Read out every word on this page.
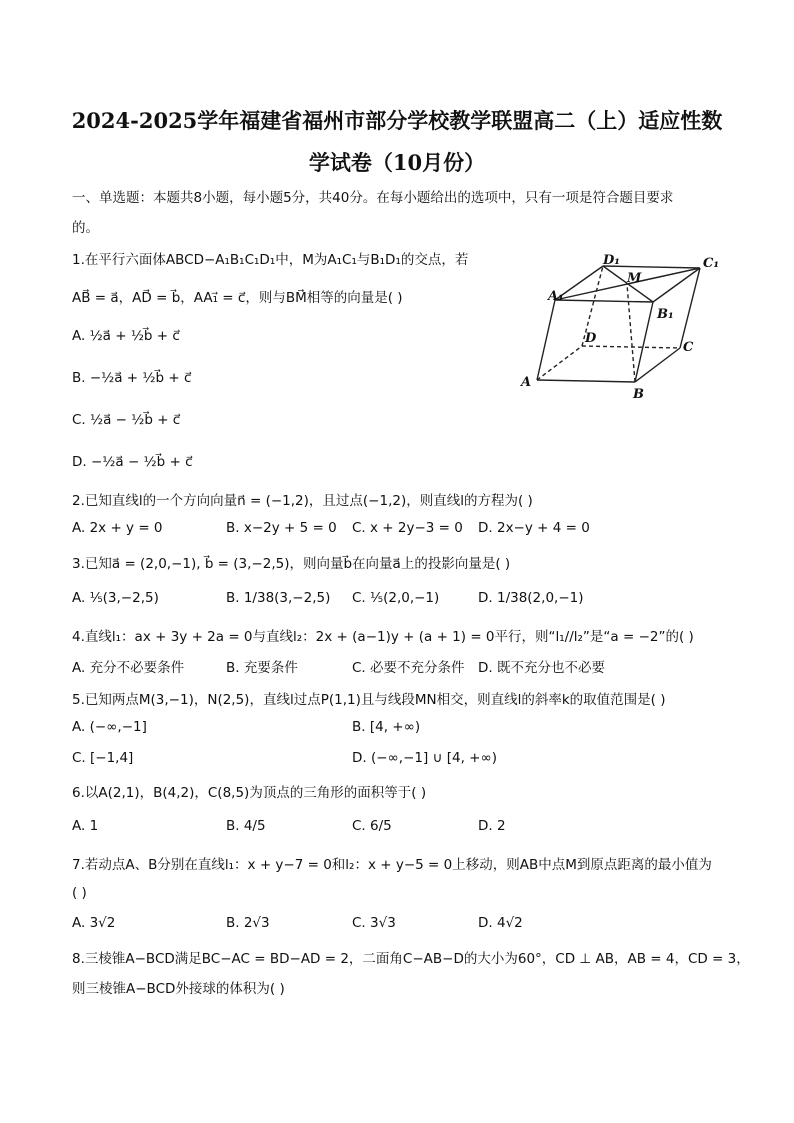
2024-2025学年福建省福州市部分学校教学联盟高二（上）适应性数
学试卷（10月份）
一、单选题：本题共8小题，每小题5分，共40分。在每小题给出的选项中，只有一项是符合题目要求
的。
1.在平行六面体ABCD−A₁B₁C₁D₁中，M为A₁C₁与B₁D₁的交点，若
AB⃗ = a⃗，AD⃗ = b⃗，AA₁⃗ = c⃗，则与BM⃗相等的向量是( )
A. ½a⃗ + ½b⃗ + c⃗
B. −½a⃗ + ½b⃗ + c⃗
C. ½a⃗ − ½b⃗ + c⃗
D. −½a⃗ − ½b⃗ + c⃗
A
B
C
D
A₁
B₁
C₁
D₁
M
2.已知直线l的一个方向向量n⃗ = (−1,2)，且过点(−1,2)，则直线l的方程为( )
A. 2x + y = 0	B. x−2y + 5 = 0 C. x + 2y−3 = 0 D. 2x−y + 4 = 0
3.已知a⃗ = (2,0,−1), b⃗ = (3,−2,5)，则向量b⃗在向量a⃗上的投影向量是( )
A. ⅕(3,−2,5)	B. 1/38(3,−2,5) C. ⅕(2,0,−1)	D. 1/38(2,0,−1)
4.直线l₁：ax + 3y + 2a = 0与直线l₂：2x + (a−1)y + (a + 1) = 0平行，则“l₁//l₂”是“a = −2”的( )
A. 充分不必要条件	B. 充要条件	C. 必要不充分条件 D. 既不充分也不必要
5.已知两点M(3,−1)，N(2,5)，直线l过点P(1,1)且与线段MN相交，则直线l的斜率k的取值范围是( )
A. (−∞,−1]	B. [4, +∞)
C. [−1,4]	D. (−∞,−1] ∪ [4, +∞)
6.以A(2,1)，B(4,2)，C(8,5)为顶点的三角形的面积等于( )
A. 1	B. 4/5	C. 6/5	D. 2
7.若动点A、B分别在直线l₁：x + y−7 = 0和l₂：x + y−5 = 0上移动，则AB中点M到原点距离的最小值为
( )
A. 3√2	B. 2√3	C. 3√3	D. 4√2
8.三棱锥A−BCD满足BC−AC = BD−AD = 2，二面角C−AB−D的大小为60°，CD ⊥ AB，AB = 4，CD = 3，
则三棱锥A−BCD外接球的体积为( )
